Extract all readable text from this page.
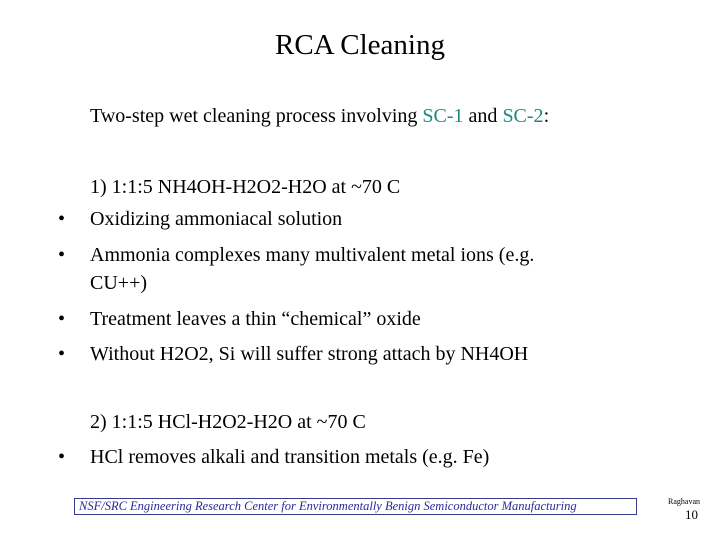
RCA Cleaning
Two-step wet cleaning process involving SC-1 and SC-2:
1) 1:1:5 NH4OH-H2O2-H2O at ~70 C
• Oxidizing ammoniacal solution
• Ammonia complexes many multivalent metal ions (e.g.
CU++)
• Treatment leaves a thin “chemical” oxide
• Without H2O2, Si will suffer strong attach by NH4OH
2) 1:1:5 HCl-H2O2-H2O at ~70 C
• HCl removes alkali and transition metals (e.g. Fe)
NSF/SRC Engineering Research Center for Environmentally Benign Semiconductor Manufacturing	Raghavan
10
